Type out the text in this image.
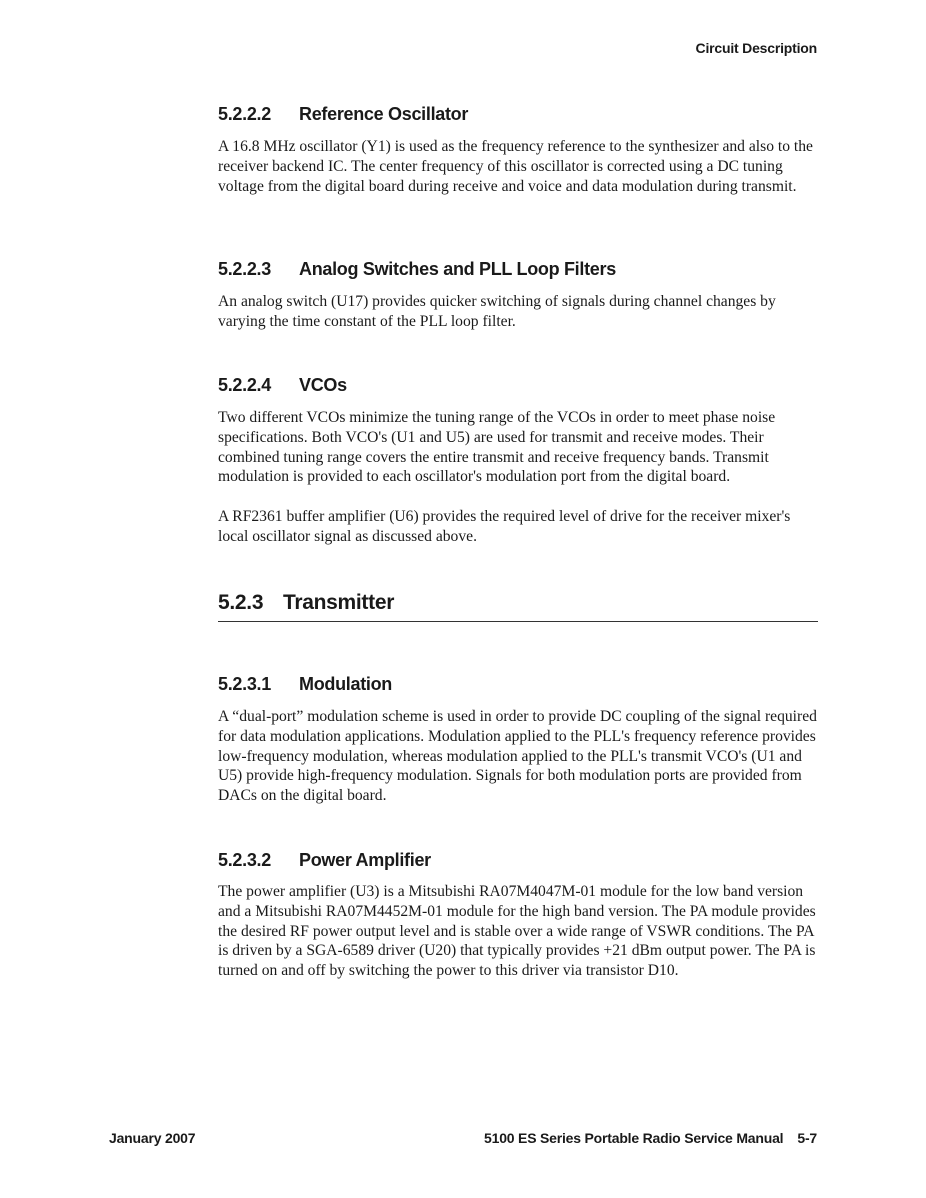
Circuit Description
5.2.2.2 Reference Oscillator

A 16.8 MHz oscillator (Y1) is used as the frequency reference to the synthesizer and also to the receiver backend IC. The center frequency of this oscillator is corrected using a DC tuning voltage from the digital board during receive and voice and data modulation during transmit.

5.2.2.3 Analog Switches and PLL Loop Filters

An analog switch (U17) provides quicker switching of signals during channel changes by varying the time constant of the PLL loop filter.

5.2.2.4 VCOs

Two different VCOs minimize the tuning range of the VCOs in order to meet phase noise specifications. Both VCO's (U1 and U5) are used for transmit and receive modes. Their combined tuning range covers the entire transmit and receive frequency bands. Transmit modulation is provided to each oscillator's modulation port from the digital board.

A RF2361 buffer amplifier (U6) provides the required level of drive for the receiver mixer's local oscillator signal as discussed above.

5.2.3 Transmitter
5.2.3.1 Modulation

A “dual-port” modulation scheme is used in order to provide DC coupling of the signal required for data modulation applications. Modulation applied to the PLL's frequency reference provides low-frequency modulation, whereas modulation applied to the PLL's transmit VCO's (U1 and U5) provide high-frequency modulation. Signals for both modulation ports are provided from DACs on the digital board.

5.2.3.2 Power Amplifier

The power amplifier (U3) is a Mitsubishi RA07M4047M-01 module for the low band version and a Mitsubishi RA07M4452M-01 module for the high band version. The PA module provides the desired RF power output level and is stable over a wide range of VSWR conditions. The PA is driven by a SGA-6589 driver (U20) that typically provides +21 dBm output power. The PA is turned on and off by switching the power to this driver via transistor D10.

January 2007	5100 ES Series Portable Radio Service Manual 5-7
